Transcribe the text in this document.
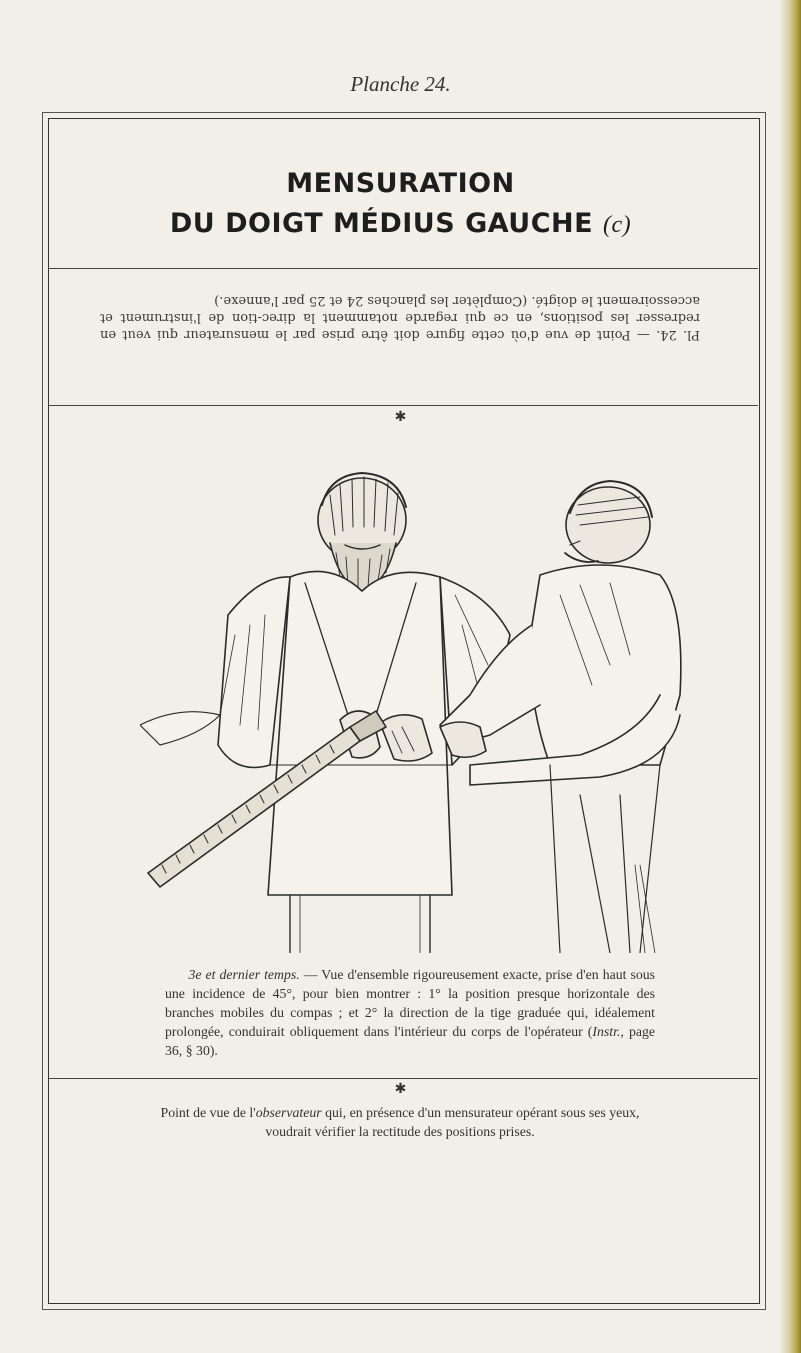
Planche 24.
MENSURATION
DU DOIGT MÉDIUS GAUCHE (c)

Pl. 24. — Point de vue d'où cette figure doit être prise par le mensurateur qui veut en redresser les positions, en ce qui regarde notamment la direc-tion de l'instrument et accessoirement le doigté. (Complèter les planches 24 et 25 par l'annexe.)

✱

3e et dernier temps. — Vue d'ensemble rigoureusement exacte, prise d'en haut sous une incidence de 45°, pour bien montrer : 1° la position presque horizontale des branches mobiles du compas ; et 2° la direction de la tige graduée qui, idéalement prolongée, conduirait obliquement dans l'intérieur du corps de l'opérateur (Instr., page 36, § 30).

✱
Point de vue de l'observateur qui, en présence d'un mensurateur opérant sous ses yeux, voudrait vérifier la rectitude des positions prises.
